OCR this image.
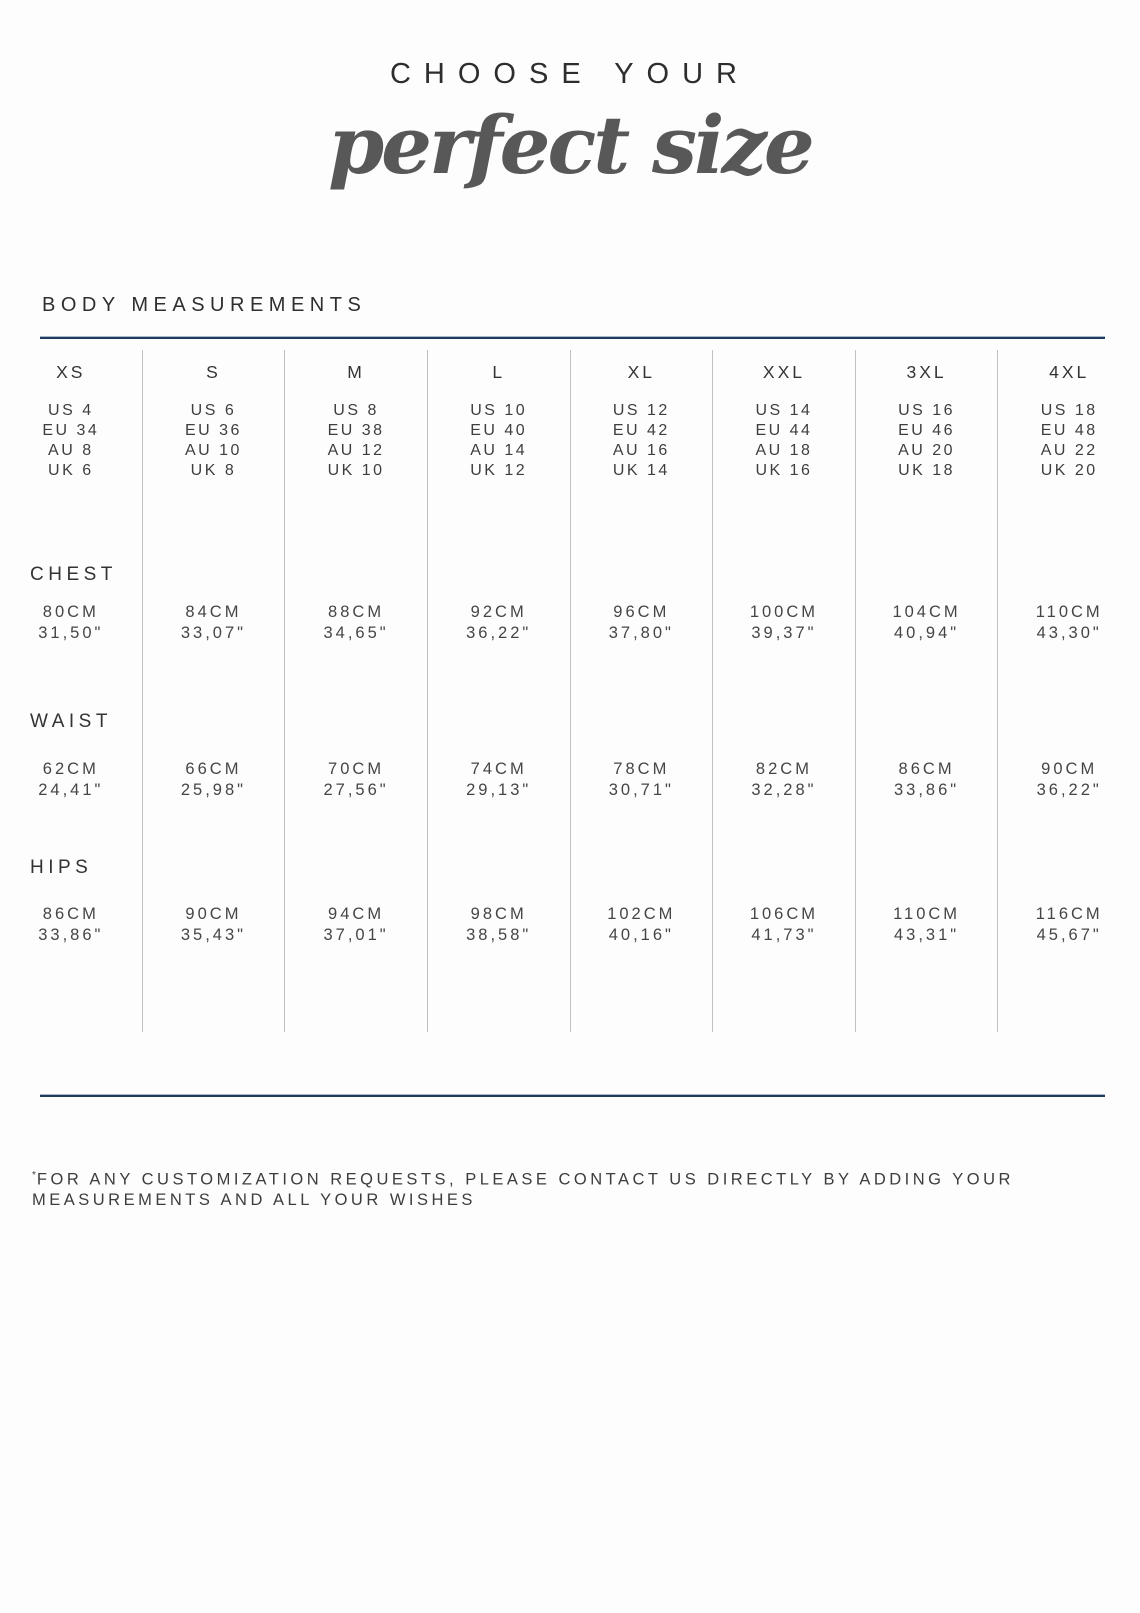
CHOOSE YOUR
perfect size
BODY MEASUREMENTS
CHEST
WAIST
HIPS
XS
US 4
EU 34
AU 8
UK 6
80CM
31,50"
62CM
24,41"
86CM
33,86"
S
US 6
EU 36
AU 10
UK 8
84CM
33,07"
66CM
25,98"
90CM
35,43"
M
US 8
EU 38
AU 12
UK 10
88CM
34,65"
70CM
27,56"
94CM
37,01"
L
US 10
EU 40
AU 14
UK 12
92CM
36,22"
74CM
29,13"
98CM
38,58"
XL
US 12
EU 42
AU 16
UK 14
96CM
37,80"
78CM
30,71"
102CM
40,16"
XXL
US 14
EU 44
AU 18
UK 16
100CM
39,37"
82CM
32,28"
106CM
41,73"
3XL
US 16
EU 46
AU 20
UK 18
104CM
40,94"
86CM
33,86"
110CM
43,31"
4XL
US 18
EU 48
AU 22
UK 20
110CM
43,30"
90CM
36,22"
116CM
45,67"
*FOR ANY CUSTOMIZATION REQUESTS, PLEASE CONTACT US DIRECTLY BY ADDING YOUR
MEASUREMENTS AND ALL YOUR WISHES
